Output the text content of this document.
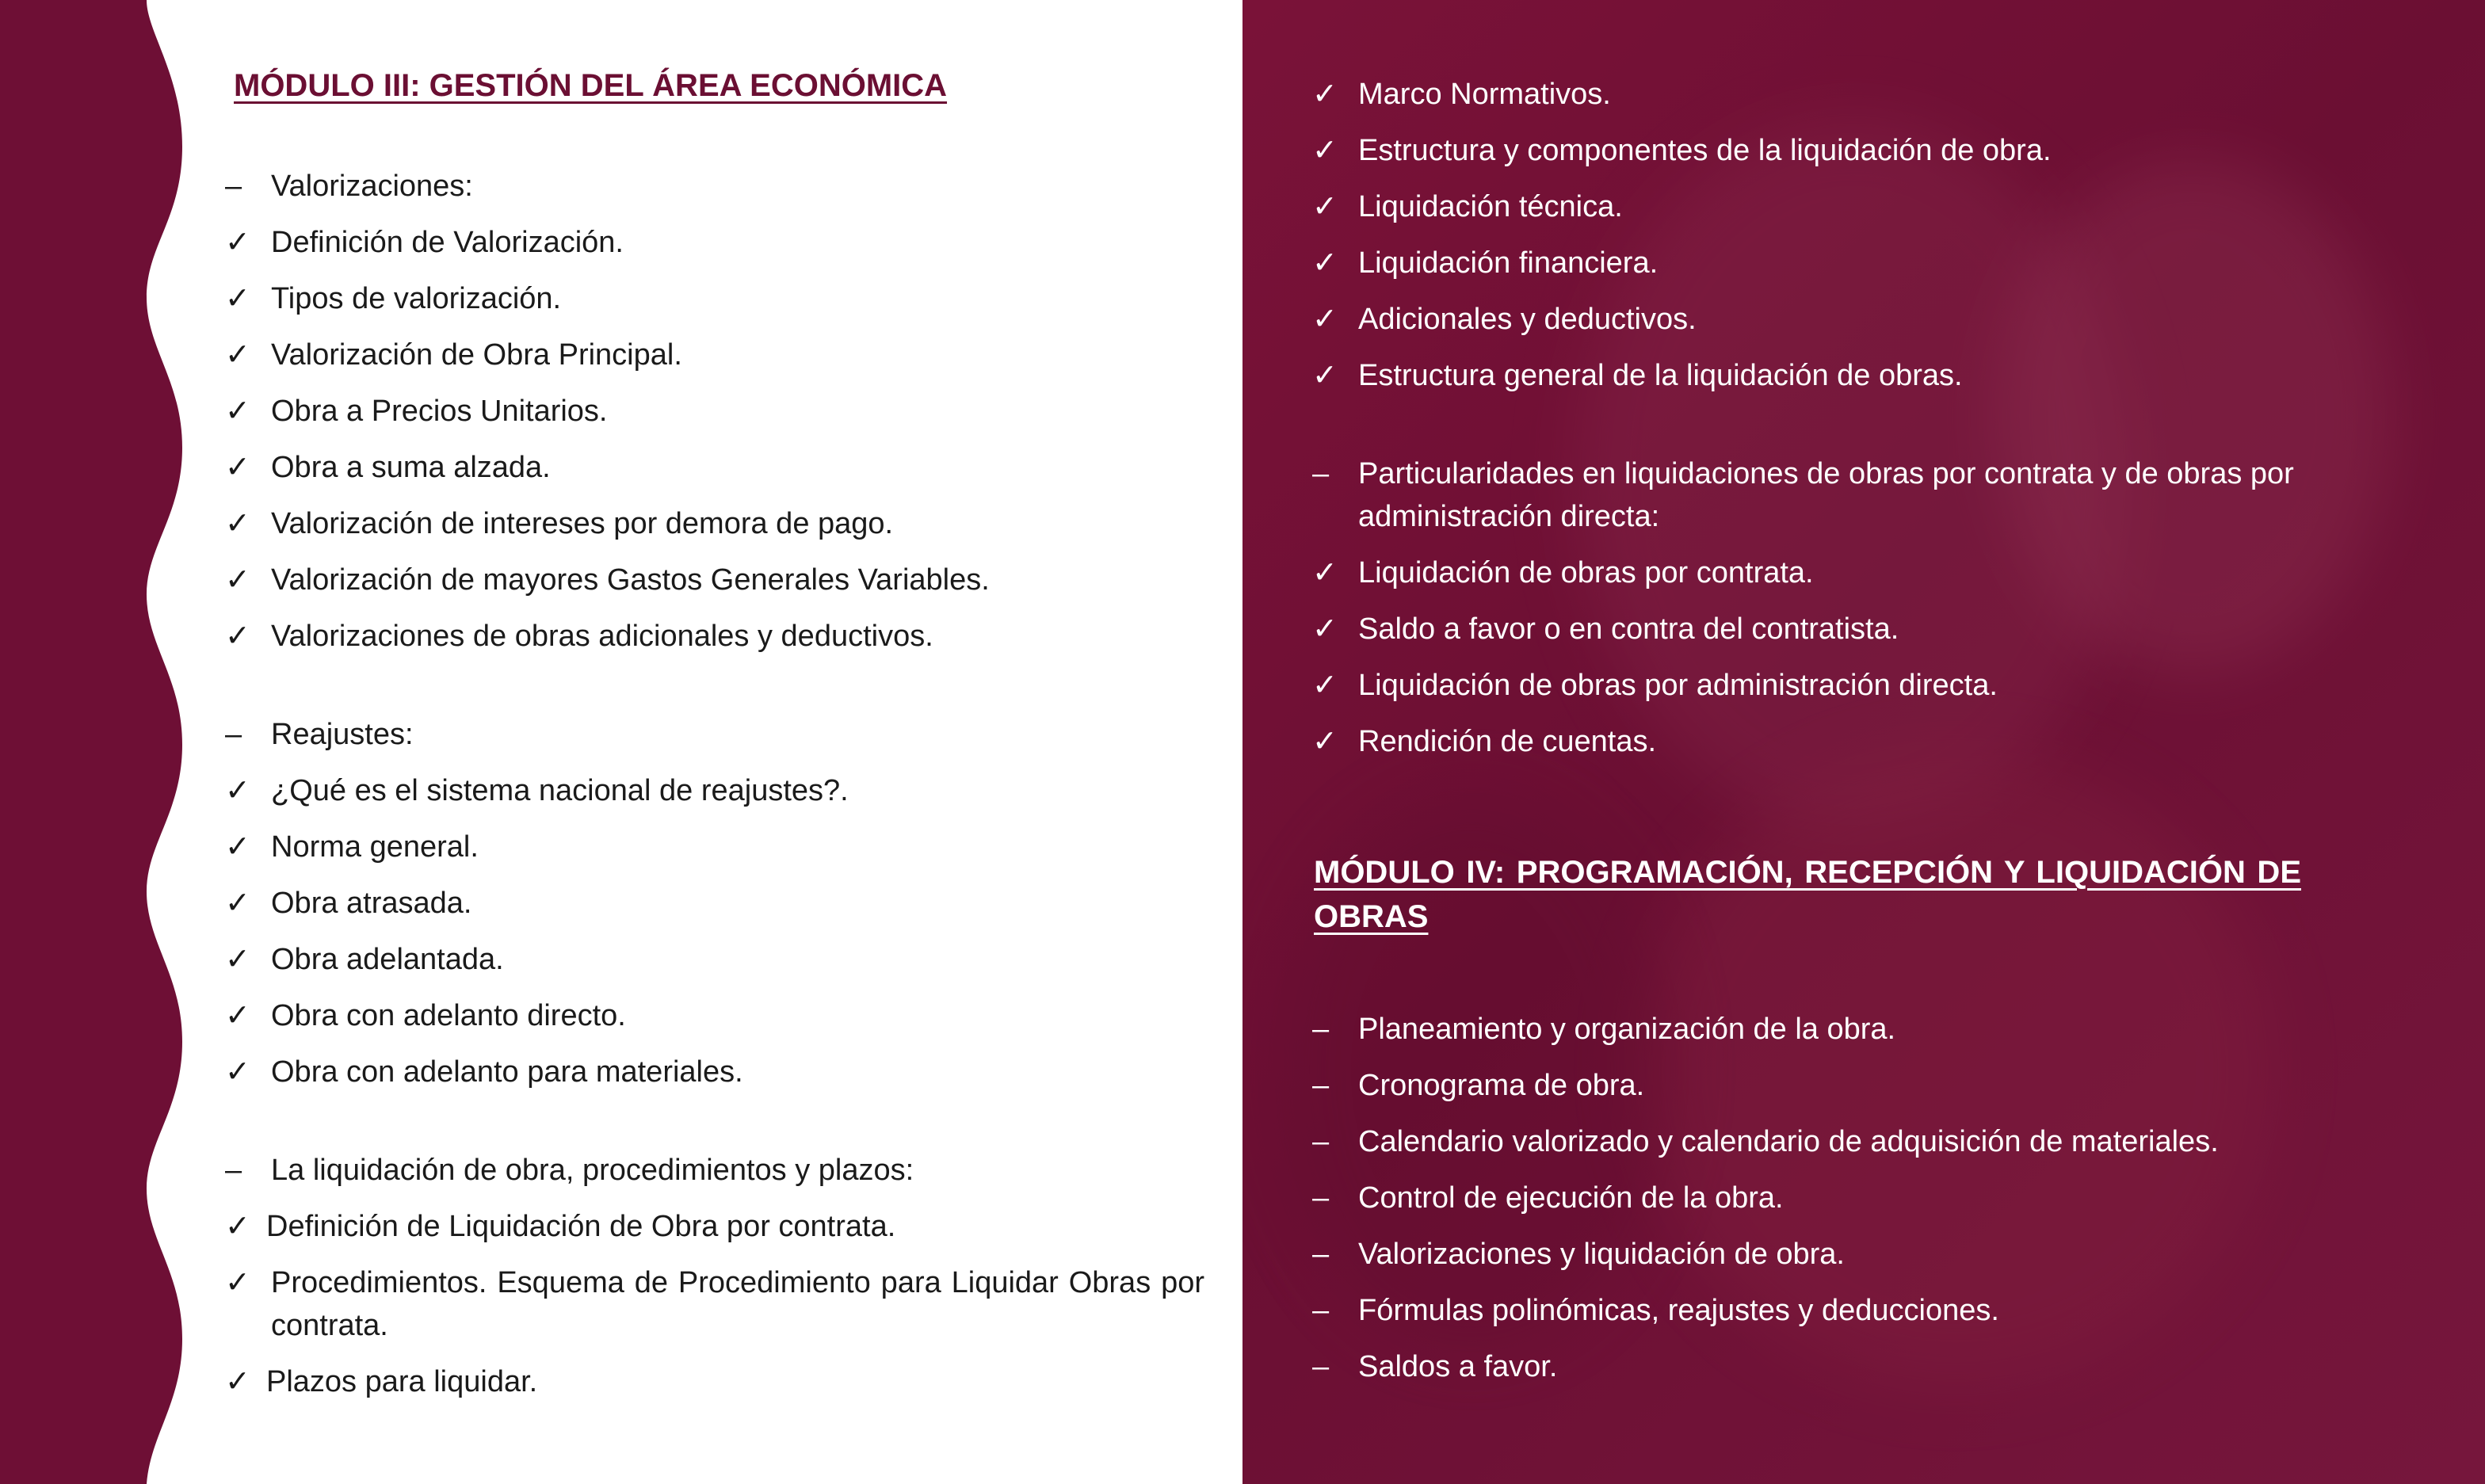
MÓDULO III: GESTIÓN DEL ÁREA ECONÓMICA
– Valorizaciones:
✓ Definición de Valorización.
✓ Tipos de valorización.
✓ Valorización de Obra Principal.
✓ Obra a Precios Unitarios.
✓ Obra a suma alzada.
✓ Valorización de intereses por demora de pago.
✓ Valorización de mayores Gastos Generales Variables.
✓ Valorizaciones de obras adicionales y deductivos.
– Reajustes:
✓ ¿Qué es el sistema nacional de reajustes?.
✓ Norma general.
✓ Obra atrasada.
✓ Obra adelantada.
✓ Obra con adelanto directo.
✓ Obra con adelanto para materiales.
– La liquidación de obra, procedimientos y plazos:
✓ Definición de Liquidación de Obra por contrata.
✓ Procedimientos. Esquema de Procedimiento para Liquidar Obras por contrata.
✓ Plazos para liquidar.
✓ Marco Normativos.
✓ Estructura y componentes de la liquidación de obra.
✓ Liquidación técnica.
✓ Liquidación financiera.
✓ Adicionales y deductivos.
✓ Estructura general de la liquidación de obras.
– Particularidades en liquidaciones de obras por contrata y de obras por administración directa:
✓ Liquidación de obras por contrata.
✓ Saldo a favor o en contra del contratista.
✓ Liquidación de obras por administración directa.
✓ Rendición de cuentas.
MÓDULO IV: PROGRAMACIÓN, RECEPCIÓN Y LIQUIDACIÓN DE OBRAS
– Planeamiento y organización de la obra.
– Cronograma de obra.
– Calendario valorizado y calendario de adquisición de materiales.
– Control de ejecución de la obra.
– Valorizaciones y liquidación de obra.
– Fórmulas polinómicas, reajustes y deducciones.
– Saldos a favor.
